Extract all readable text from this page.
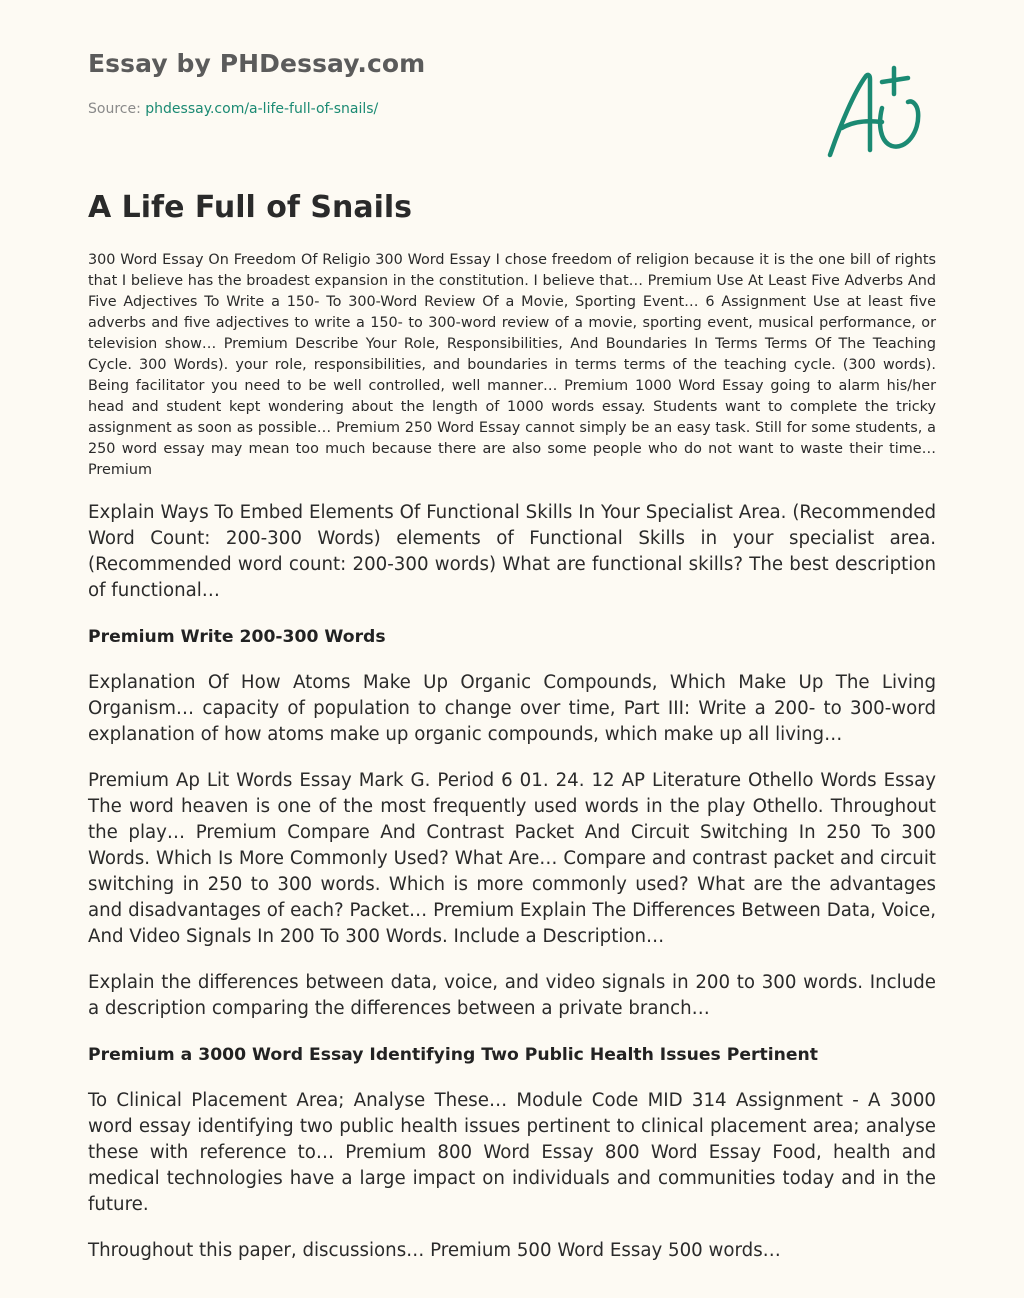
Essay by PHDessay.com
Source: phdessay.com/a-life-full-of-snails/
A Life Full of Snails

300 Word Essay On Freedom Of Religio 300 Word Essay I chose freedom of religion because it is the one bill of rights that I believe has the broadest expansion in the constitution. I believe that… Premium Use At Least Five Adverbs And Five Adjectives To Write a 150- To 300-Word Review Of a Movie, Sporting Event… 6 Assignment Use at least five adverbs and five adjectives to write a 150- to 300-word review of a movie, sporting event, musical performance, or television show… Premium Describe Your Role, Responsibilities, And Boundaries In Terms Terms Of The Teaching Cycle. 300 Words). your role, responsibilities, and boundaries in terms terms of the teaching cycle. (300 words). Being facilitator you need to be well controlled, well manner… Premium 1000 Word Essay going to alarm his/her head and student kept wondering about the length of 1000 words essay. Students want to complete the tricky assignment as soon as possible… Premium 250 Word Essay cannot simply be an easy task. Still for some students, a 250 word essay may mean too much because there are also some people who do not want to waste their time… Premium

Explain Ways To Embed Elements Of Functional Skills In Your Specialist Area. (Recommended Word Count: 200-300 Words) elements of Functional Skills in your specialist area. (Recommended word count: 200-300 words) What are functional skills? The best description of functional…

Premium Write 200-300 Words

Explanation Of How Atoms Make Up Organic Compounds, Which Make Up The Living Organism… capacity of population to change over time, Part III: Write a 200- to 300-word explanation of how atoms make up organic compounds, which make up all living…

Premium Ap Lit Words Essay Mark G. Period 6 01. 24. 12 AP Literature Othello Words Essay The word heaven is one of the most frequently used words in the play Othello. Throughout the play… Premium Compare And Contrast Packet And Circuit Switching In 250 To 300 Words. Which Is More Commonly Used? What Are… Compare and contrast packet and circuit switching in 250 to 300 words. Which is more commonly used? What are the advantages and disadvantages of each? Packet… Premium Explain The Differences Between Data, Voice, And Video Signals In 200 To 300 Words. Include a Description…

Explain the differences between data, voice, and video signals in 200 to 300 words. Include a description comparing the differences between a private branch…

Premium a 3000 Word Essay Identifying Two Public Health Issues Pertinent

To Clinical Placement Area; Analyse These… Module Code MID 314 Assignment - A 3000 word essay identifying two public health issues pertinent to clinical placement area; analyse these with reference to… Premium 800 Word Essay 800 Word Essay Food, health and medical technologies have a large impact on individuals and communities today and in the future.

Throughout this paper, discussions… Premium 500 Word Essay 500 words…
